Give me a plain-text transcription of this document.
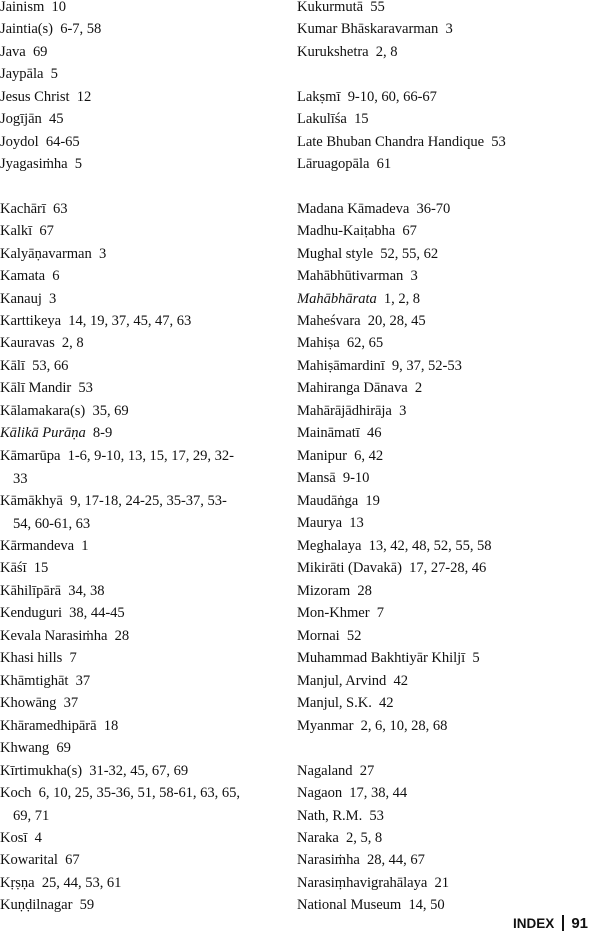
Jainism 10
Jaintia(s) 6-7, 58
Java 69
Jaypāla 5
Jesus Christ 12
Jogījān 45
Joydol 64-65
Jyagasiṁha 5
Kachārī 63
Kalkī 67
Kalyāṇavarman 3
Kamata 6
Kanauj 3
Karttikeya 14, 19, 37, 45, 47, 63
Kauravas 2, 8
Kālī 53, 66
Kālī Mandir 53
Kālamakara(s) 35, 69
Kālikā Purāṇa 8-9
Kāmarūpa 1-6, 9-10, 13, 15, 17, 29, 32-
33
Kāmākhyā 9, 17-18, 24-25, 35-37, 53-
54, 60-61, 63
Kārmandeva 1
Kāśī 15
Kāhilīpārā 34, 38
Kenduguri 38, 44-45
Kevala Narasiṁha 28
Khasi hills 7
Khāmtighāt 37
Khowāng 37
Khāramedhipārā 18
Khwang 69
Kīrtimukha(s) 31-32, 45, 67, 69
Koch 6, 10, 25, 35-36, 51, 58-61, 63, 65,
69, 71
Kosī 4
Kowarital 67
Kṛṣṇa 25, 44, 53, 61
Kuṇḍilnagar 59
Kukurmutā 55
Kumar Bhāskaravarman 3
Kurukshetra 2, 8
Lakṣmī 9-10, 60, 66-67
Lakulīśa 15
Late Bhuban Chandra Handique 53
Lāruagopāla 61
Madana Kāmadeva 36-70
Madhu-Kaiṭabha 67
Mughal style 52, 55, 62
Mahābhūtivarman 3
Mahābhārata 1, 2, 8
Maheśvara 20, 28, 45
Mahiṣa 62, 65
Mahiṣāmardinī 9, 37, 52-53
Mahiranga Dānava 2
Mahārājādhirāja 3
Maināmatī 46
Manipur 6, 42
Mansā 9-10
Maudāṅga 19
Maurya 13
Meghalaya 13, 42, 48, 52, 55, 58
Mikirāti (Davakā) 17, 27-28, 46
Mizoram 28
Mon-Khmer 7
Mornai 52
Muhammad Bakhtiyār Khiljī 5
Manjul, Arvind 42
Manjul, S.K. 42
Myanmar 2, 6, 10, 28, 68
Nagaland 27
Nagaon 17, 38, 44
Nath, R.M. 53
Naraka 2, 5, 8
Narasiṁha 28, 44, 67
Narasiṃhavigrahālaya 21
National Museum 14, 50
INDEX 91
